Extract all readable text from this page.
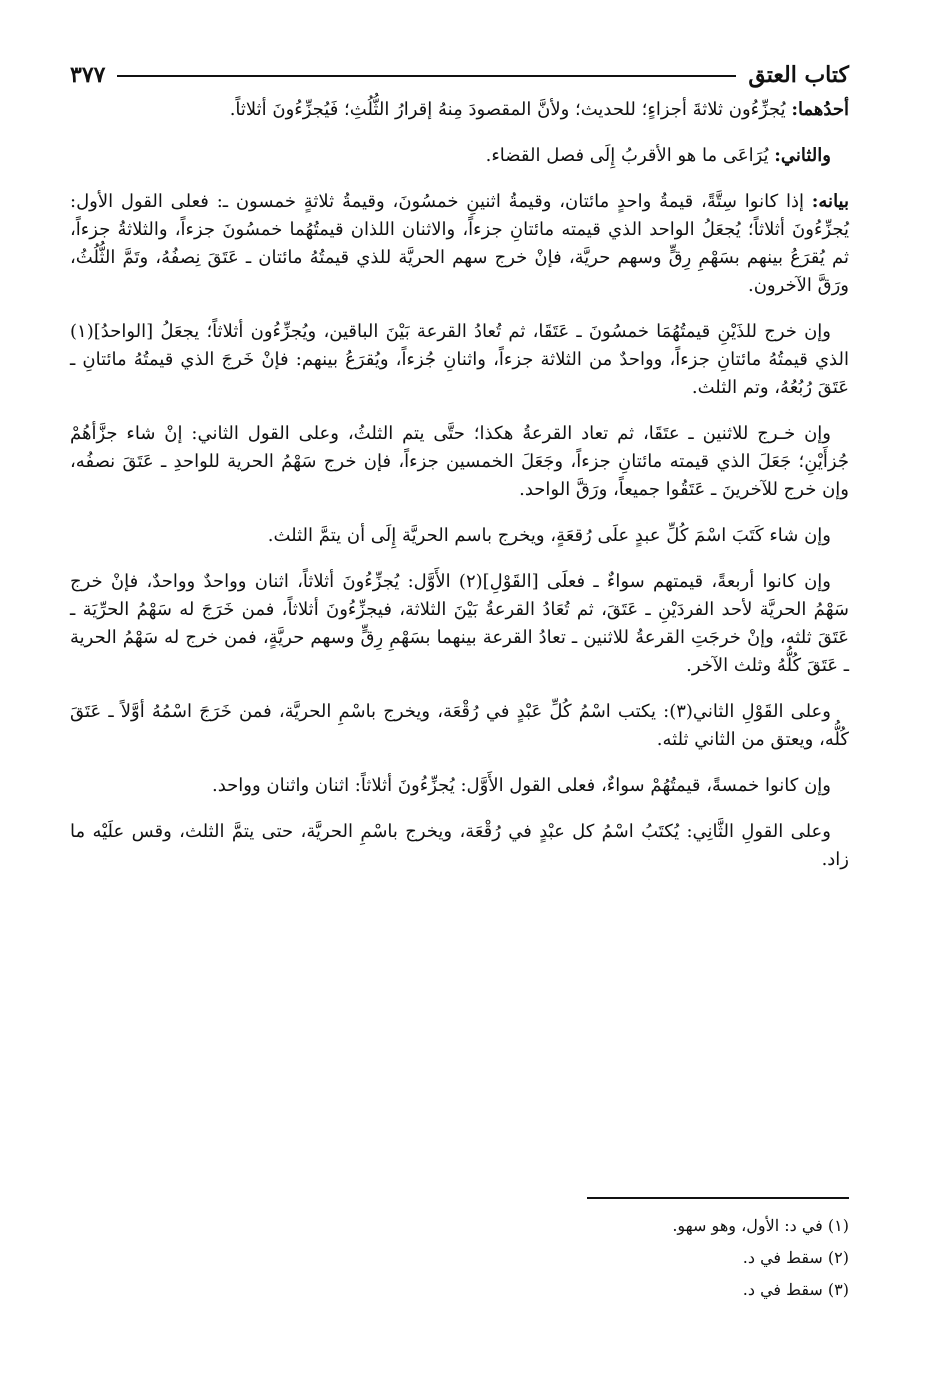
كتاب العتق
٣٧٧

أحدُهما: يُجزِّءُون ثلاثةَ أجزاءٍ؛ للحديث؛ ولأنَّ المقصودَ مِنهُ إقرارُ الثُّلُثِ؛ فَيُجزِّءُونَ أثلاثاً.

والثاني: يُرَاعَى ما هو الأقربُ إِلَى فصل القضاء.

بيانه: إذا كانوا سِتَّةً، قيمةُ واحدٍ مائتان، وقيمةُ اثنينِ خمسُونَ، وقيمةُ ثلاثةٍ خمسون ـ: فعلى القول الأول: يُجزِّءُونَ أثلاثاً؛ يُجعَلُ الواحد الذي قيمته مائتانِ جزءاً، والاثنان اللذان قيمتُهُما خمسُونَ جزءاً، والثلاثةُ جزءاً، ثم يُقرَعُ بينهم بسَهْمِ رِقٍّ وسهم حريَّة، فإنْ خرج سهم الحريَّة للذي قيمتُهُ مائتان ـ عَتَقَ نِصفُهُ، وتَمَّ الثُّلُثُ، ورَقَّ الآخرون.

وإن خرج للذَيْنِ قيمتُهُمَا خمسُونَ ـ عَتَقَا، ثم تُعادُ القرعة بَيْنَ الباقين، ويُجزِّءُون أثلاثاً؛ يجعَلُ [الواحدُ](١) الذي قيمتُهُ مائتانِ جزءاً، وواحدٌ من الثلاثة جزءاً، واثنانِ جُزءاً، ويُقرَعُ بينهم: فإنْ خَرجَ الذي قيمتُهُ مائتانِ ـ عَتَقَ رُبُعُهُ، وتم الثلث.

وإن خـرج للاثنين ـ عتَقَا، ثم تعاد القرعةُ هكذا؛ حتَّى يتم الثلثُ، وعلى القول الثاني: إنْ شاء جزَّأهُمْ جُزأَيْنِ؛ جَعَلَ الذي قيمته مائتانِ جزءاً، وجَعَلَ الخمسين جزءاً، فإن خرج سَهْمُ الحرية للواحدِ ـ عَتَقَ نصفُه، وإن خرج للآخرينَ ـ عَتَقُوا جميعاً، ورَقَّ الواحد.

وإن شاء كَتَبَ اسْمَ كُلِّ عبدٍ علَى رُقعَةٍ، ويخرج باسم الحريَّة إِلَى أن يتمَّ الثلث.

وإن كانوا أربعةً، قيمتهم سواءٌ ـ فعلَى [القَوْلِ](٢) الأَوَّل: يُجزِّءُونَ أثلاثاً، اثنان وواحدٌ وواحدٌ، فإنْ خرج سَهْمُ الحريَّة لأحد الفردَيْنِ ـ عَتَقَ، ثم تُعَادُ القرعةُ بَيْنَ الثلاثة، فيجزِّءُونَ أثلاثاً، فمن خَرَجَ له سَهْمُ الحرِّيَة ـ عَتَقَ ثلثه، وإنْ خرجَتِ القرعةُ للاثنين ـ تعادُ القرعة بينهما بسَهْمِ رِقٍّ وسهم حريَّةٍ، فمن خرج له سَهْمُ الحرية ـ عَتَقَ كُلُّهُ وثلث الآخر.

وعلى القَوْلِ الثاني(٣): يكتب اسْمُ كُلِّ عَبْدٍ في رُقْعَة، ويخرج باسْمِ الحريَّة، فمن خَرَجَ اسْمُهُ أوَّلاً ـ عَتَقَ كُلُّه، ويعتق من الثاني ثلثه.

وإن كانوا خمسةً، قيمتُهُمْ سواءٌ، فعلى القول الأَوَّل: يُجزِّءُونَ أثلاثاً: اثنان واثنان وواحد.

وعلى القولِ الثَّانِي: يُكتَبُ اسْمُ كل عبْدٍ في رُقْعَة، ويخرج باسْمِ الحريَّة، حتى يتمَّ الثلث، وقس علَيْه ما زاد.

(١) في د: الأول، وهو سهو.

(٢) سقط في د.

(٣) سقط في د.
